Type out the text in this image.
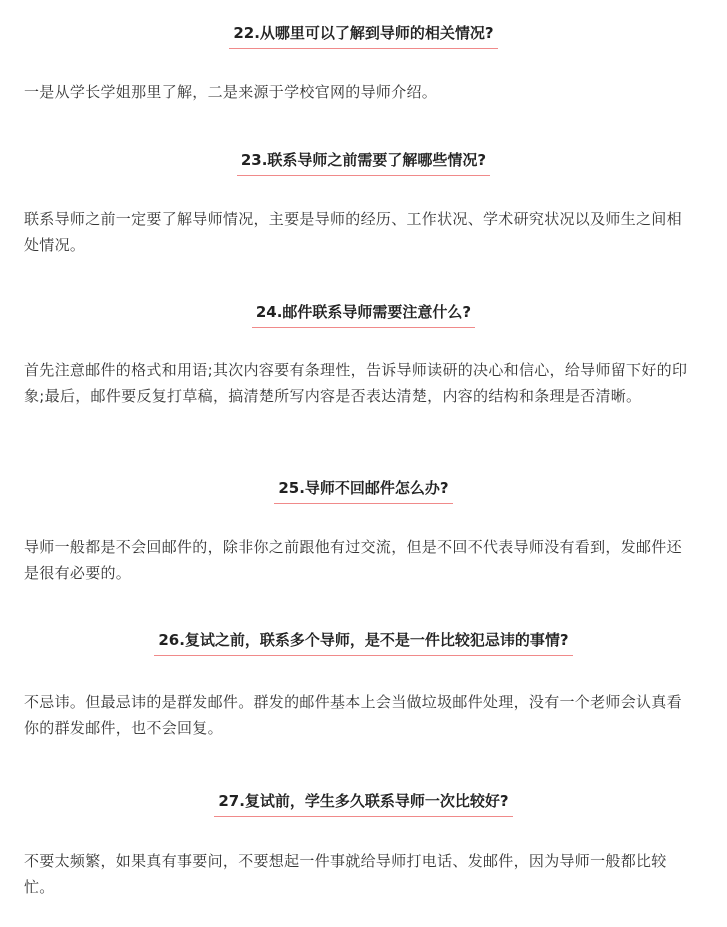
22.从哪里可以了解到导师的相关情况?

一是从学长学姐那里了解，二是来源于学校官网的导师介绍。

23.联系导师之前需要了解哪些情况?

联系导师之前一定要了解导师情况，主要是导师的经历、工作状况、学术研究状况以及师生之间相处情况。

24.邮件联系导师需要注意什么?

首先注意邮件的格式和用语;其次内容要有条理性，告诉导师读研的决心和信心，给导师留下好的印象;最后，邮件要反复打草稿，搞清楚所写内容是否表达清楚，内容的结构和条理是否清晰。

25.导师不回邮件怎么办?

导师一般都是不会回邮件的，除非你之前跟他有过交流，但是不回不代表导师没有看到，发邮件还是很有必要的。

26.复试之前，联系多个导师，是不是一件比较犯忌讳的事情?

不忌讳。但最忌讳的是群发邮件。群发的邮件基本上会当做垃圾邮件处理，没有一个老师会认真看你的群发邮件，也不会回复。

27.复试前，学生多久联系导师一次比较好?

不要太频繁，如果真有事要问，不要想起一件事就给导师打电话、发邮件，因为导师一般都比较忙。
